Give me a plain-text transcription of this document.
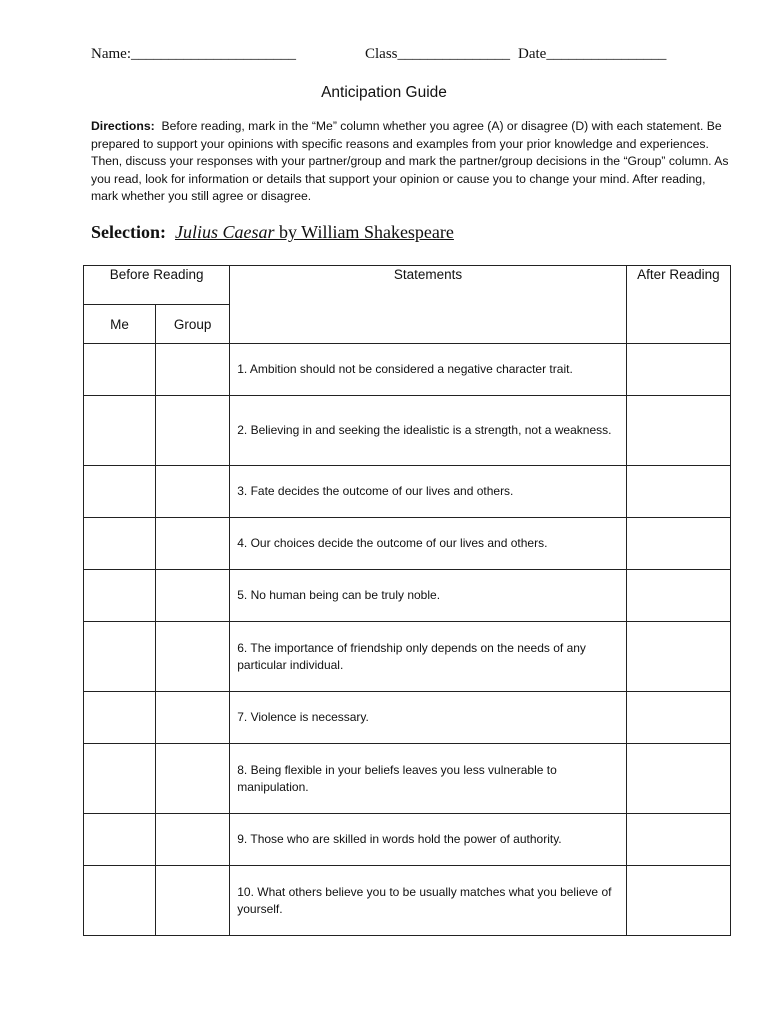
Name:______________________	Class_______________ Date________________
Anticipation Guide
Directions: Before reading, mark in the “Me” column whether you agree (A) or disagree (D) with each statement. Be prepared to support your opinions with specific reasons and examples from your prior knowledge and experiences. Then, discuss your responses with your partner/group and mark the partner/group decisions in the “Group” column. As you read, look for information or details that support your opinion or cause you to change your mind. After reading, mark whether you still agree or disagree.
Selection: Julius Caesar by William Shakespeare
Before Reading		Statements	After Reading
Me	Group		
		1. Ambition should not be considered a negative character trait.	
		2. Believing in and seeking the idealistic is a strength, not a weakness.	
		3. Fate decides the outcome of our lives and others.	
		4. Our choices decide the outcome of our lives and others.	
		5. No human being can be truly noble.	
		6. The importance of friendship only depends on the needs of any particular individual.	
		7. Violence is necessary.	
		8. Being flexible in your beliefs leaves you less vulnerable to manipulation.	
		9. Those who are skilled in words hold the power of authority.	
		10. What others believe you to be usually matches what you believe of yourself.	
